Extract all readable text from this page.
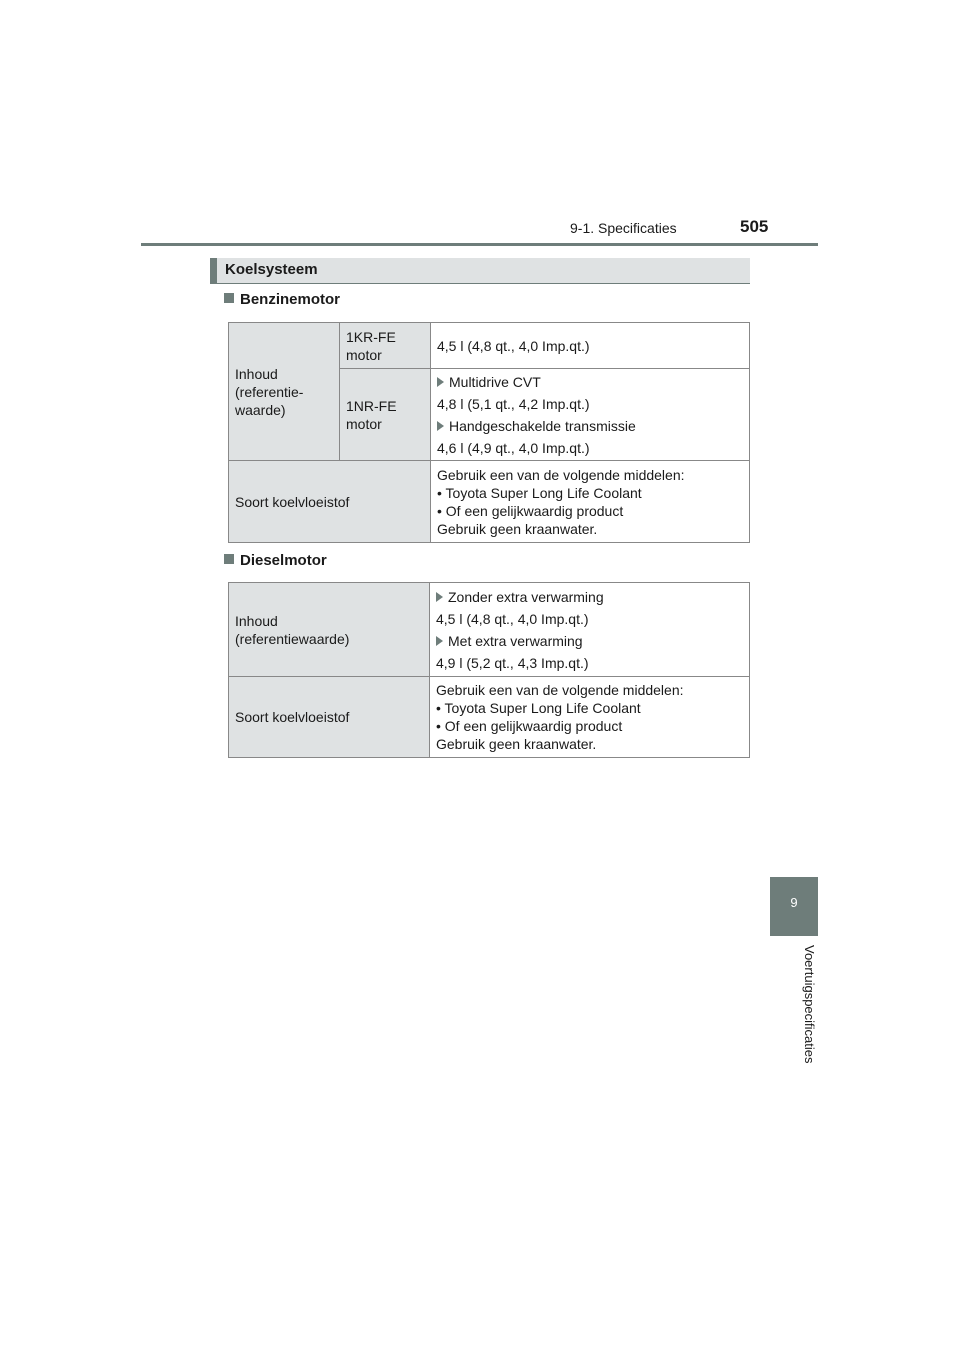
9-1. Specificaties	505
Koelsysteem
Benzinemotor
Inhoud
(referentie-
waarde)	1KR-FE
motor	4,5 l (4,8 qt., 4,0 Imp.qt.)
	1NR-FE
motor	Multidrive CVT
4,8 l (5,1 qt., 4,2 Imp.qt.)
Handgeschakelde transmissie
4,6 l (4,9 qt., 4,0 Imp.qt.)

Soort koelvloeistof		Gebruik een van de volgende middelen:
• Toyota Super Long Life Coolant
• Of een gelijkwaardig product
Gebruik geen kraanwater.
Dieselmotor
Inhoud
(referentiewaarde)	Zonder extra verwarming
4,5 l (4,8 qt., 4,0 Imp.qt.)
Met extra verwarming
4,9 l (5,2 qt., 4,3 Imp.qt.)

Soort koelvloeistof	Gebruik een van de volgende middelen:
• Toyota Super Long Life Coolant
• Of een gelijkwaardig product
Gebruik geen kraanwater.
9
Voertuigspecificaties
